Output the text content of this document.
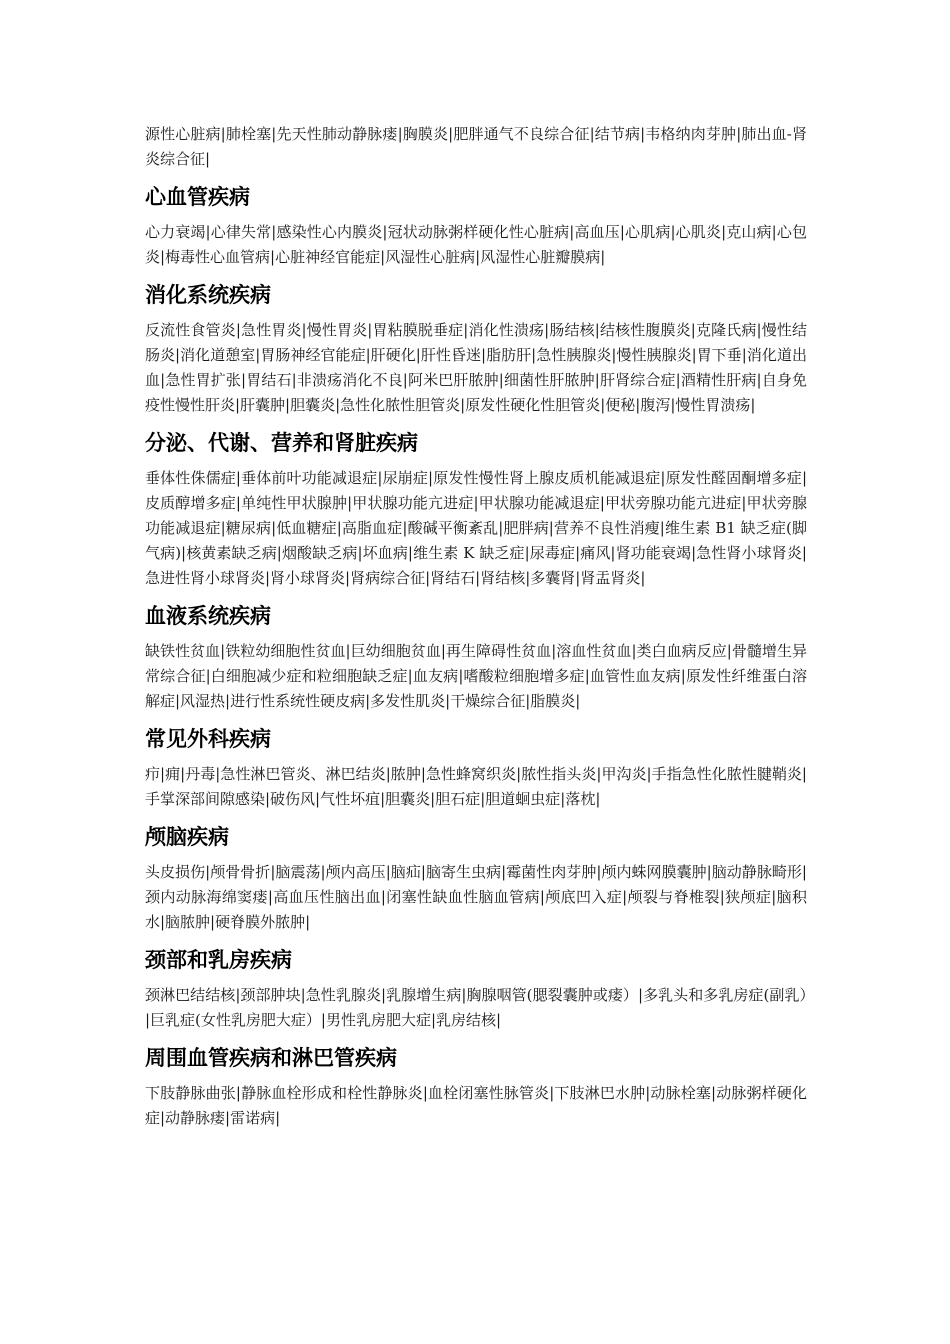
源性心脏病|肺栓塞|先天性肺动静脉瘘|胸膜炎|肥胖通气不良综合征|结节病|韦格纳肉芽肿|肺出血-肾炎综合征|

心血管疾病

心力衰竭|心律失常|感染性心内膜炎|冠状动脉粥样硬化性心脏病|高血压|心肌病|心肌炎|克山病|心包炎|梅毒性心血管病|心脏神经官能症|风湿性心脏病|风湿性心脏瓣膜病|

消化系统疾病

反流性食管炎|急性胃炎|慢性胃炎|胃粘膜脱垂症|消化性溃疡|肠结核|结核性腹膜炎|克隆氏病|慢性结肠炎|消化道憩室|胃肠神经官能症|肝硬化|肝性昏迷|脂肪肝|急性胰腺炎|慢性胰腺炎|胃下垂|消化道出血|急性胃扩张|胃结石|非溃疡消化不良|阿米巴肝脓肿|细菌性肝脓肿|肝肾综合症|酒精性肝病|自身免疫性慢性肝炎|肝囊肿|胆囊炎|急性化脓性胆管炎|原发性硬化性胆管炎|便秘|腹泻|慢性胃溃疡|

分泌、代谢、营养和肾脏疾病

垂体性侏儒症|垂体前叶功能减退症|尿崩症|原发性慢性肾上腺皮质机能减退症|原发性醛固酮增多症|皮质醇增多症|单纯性甲状腺肿|甲状腺功能亢进症|甲状腺功能减退症|甲状旁腺功能亢进症|甲状旁腺功能减退症|糖尿病|低血糖症|高脂血症|酸碱平衡紊乱|肥胖病|营养不良性消瘦|维生素 B1 缺乏症(脚气病)|核黄素缺乏病|烟酸缺乏病|坏血病|维生素 K 缺乏症|尿毒症|痛风|肾功能衰竭|急性肾小球肾炎|急进性肾小球肾炎|肾小球肾炎|肾病综合征|肾结石|肾结核|多囊肾|肾盂肾炎|

血液系统疾病

缺铁性贫血|铁粒幼细胞性贫血|巨幼细胞贫血|再生障碍性贫血|溶血性贫血|类白血病反应|骨髓增生异常综合征|白细胞减少症和粒细胞缺乏症|血友病|嗜酸粒细胞增多症|血管性血友病|原发性纤维蛋白溶解症|风湿热|进行性系统性硬皮病|多发性肌炎|干燥综合征|脂膜炎|

常见外科疾病

疖|痈|丹毒|急性淋巴管炎、淋巴结炎|脓肿|急性蜂窝织炎|脓性指头炎|甲沟炎|手指急性化脓性腱鞘炎|手掌深部间隙感染|破伤风|气性坏疽|胆囊炎|胆石症|胆道蛔虫症|落枕|

颅脑疾病

头皮损伤|颅骨骨折|脑震荡|颅内高压|脑疝|脑寄生虫病|霉菌性肉芽肿|颅内蛛网膜囊肿|脑动静脉畸形|颈内动脉海绵窦瘘|高血压性脑出血|闭塞性缺血性脑血管病|颅底凹入症|颅裂与脊椎裂|狭颅症|脑积水|脑脓肿|硬脊膜外脓肿|

颈部和乳房疾病

颈淋巴结结核|颈部肿块|急性乳腺炎|乳腺增生病|胸腺咽管(腮裂囊肿或瘘）|多乳头和多乳房症(副乳）|巨乳症(女性乳房肥大症）|男性乳房肥大症|乳房结核|

周围血管疾病和淋巴管疾病

下肢静脉曲张|静脉血栓形成和栓性静脉炎|血栓闭塞性脉管炎|下肢淋巴水肿|动脉栓塞|动脉粥样硬化症|动静脉瘘|雷诺病|
